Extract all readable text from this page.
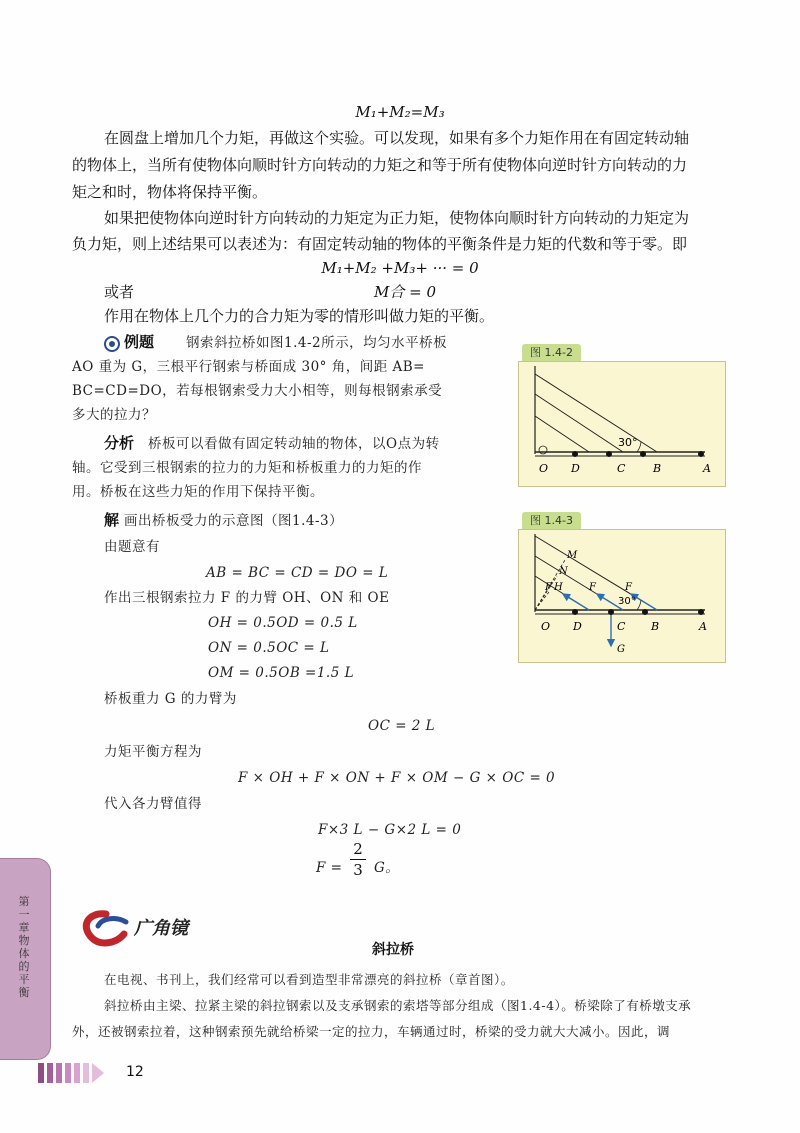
M₁+M₂=M₃
在圆盘上增加几个力矩，再做这个实验。可以发现，如果有多个力矩作用在有固定转动轴
的物体上，当所有使物体向顺时针方向转动的力矩之和等于所有使物体向逆时针方向转动的力
矩之和时，物体将保持平衡。
如果把使物体向逆时针方向转动的力矩定为正力矩，使物体向顺时针方向转动的力矩定为
负力矩，则上述结果可以表述为：有固定转动轴的物体的平衡条件是力矩的代数和等于零。即
M₁+M₂ +M₃+ ··· = 0
或者	M合 = 0
作用在物体上几个力的合力矩为零的情形叫做力矩的平衡。
例题 钢索斜拉桥如图1.4-2所示，均匀水平桥板
AO 重为 G，三根平行钢索与桥面成 30° 角，间距 AB=
BC=CD=DO，若每根钢索受力大小相等，则每根钢索承受
多大的拉力？
分析 桥板可以看做有固定转动轴的物体，以O点为转
轴。它受到三根钢索的拉力的力矩和桥板重力的力矩的作
用。桥板在这些力矩的作用下保持平衡。
解 画出桥板受力的示意图（图1.4-3）
由题意有
AB = BC = CD = DO = L
作出三根钢索拉力 F 的力臂 OH、ON 和 OE
OH = 0.5OD = 0.5 L
ON = 0.5OC = L
OM = 0.5OB =1.5 L
桥板重力 G 的力臂为
OC = 2 L
力矩平衡方程为
F × OH + F × ON + F × OM − G × OC = 0
代入各力臂值得
F×3 L − G×2 L = 0
F =
2
3 G。
图 1.4-2
30°
O D	C	B	A
图 1.4-3
M
N
F H	F	F
30°
G
O D	C B	A
广角镜
斜拉桥
在电视、书刊上，我们经常可以看到造型非常漂亮的斜拉桥（章首图）。
斜拉桥由主梁、拉紧主梁的斜拉钢索以及支承钢索的索塔等部分组成（图1.4-4）。桥梁除了有桥墩支承
外，还被钢索拉着，这种钢索预先就给桥梁一定的拉力，车辆通过时，桥梁的受力就大大减小。因此，调
第一章 物体的平衡
12
